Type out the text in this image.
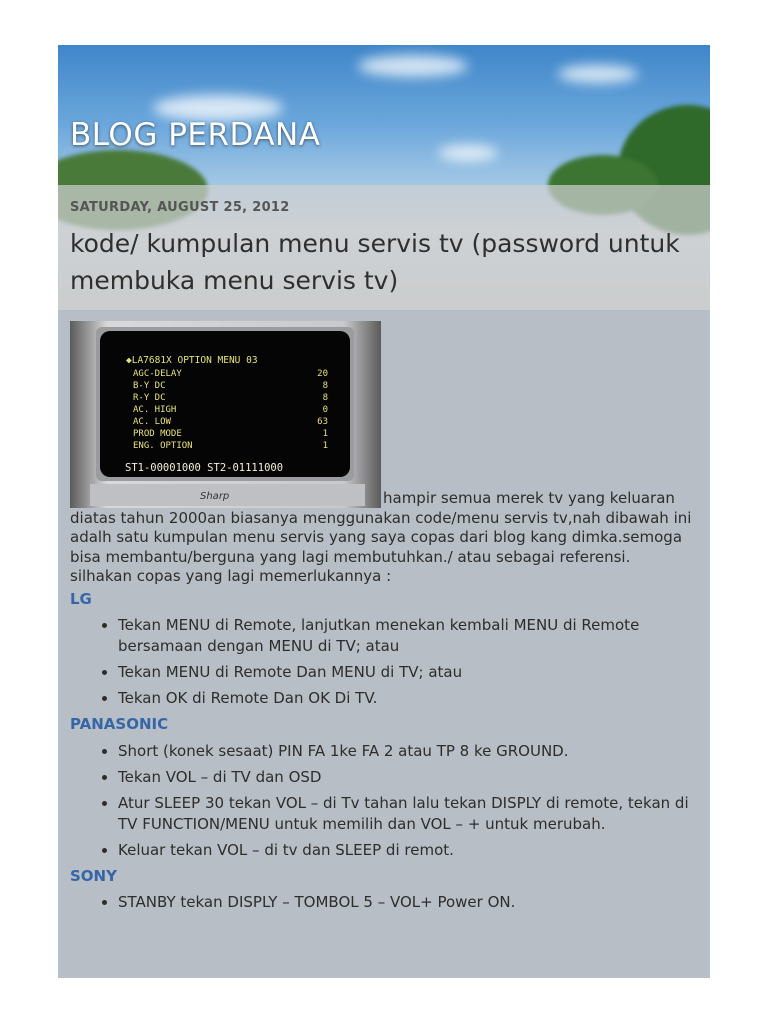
BLOG PERDANA
SATURDAY, AUGUST 25, 2012
kode/ kumpulan menu servis tv (password untuk membuka menu servis tv)
◆LA7681X OPTION MENU 03
AGC-DELAY	20
B-Y DC	8
R-Y DC	8
AC. HIGH	0
AC. LOW	63
PROD MODE	1
ENG. OPTION	1
ST1-00001000 ST2-01111000
Sharp	hampir semua merek tv yang keluaran diatas tahun 2000an biasanya menggunakan code/menu servis tv,nah dibawah ini adalh satu kumpulan menu servis yang saya copas dari blog kang dimka.semoga bisa membantu/berguna yang lagi membutuhkan./ atau sebagai referensi.
silhakan copas yang lagi memerlukannya :

LG

• Tekan MENU di Remote, lanjutkan menekan kembali MENU di Remote bersamaan dengan MENU di TV; atau
• Tekan MENU di Remote Dan MENU di TV; atau
• Tekan OK di Remote Dan OK Di TV.

PANASONIC

• Short (konek sesaat) PIN FA 1ke FA 2 atau TP 8 ke GROUND.
• Tekan VOL – di TV dan OSD
• Atur SLEEP 30 tekan VOL – di Tv tahan lalu tekan DISPLY di remote, tekan di TV FUNCTION/MENU untuk memilih dan VOL – + untuk merubah.
• Keluar tekan VOL – di tv dan SLEEP di remot.

SONY

• STANBY tekan DISPLY – TOMBOL 5 – VOL+ Power ON.
